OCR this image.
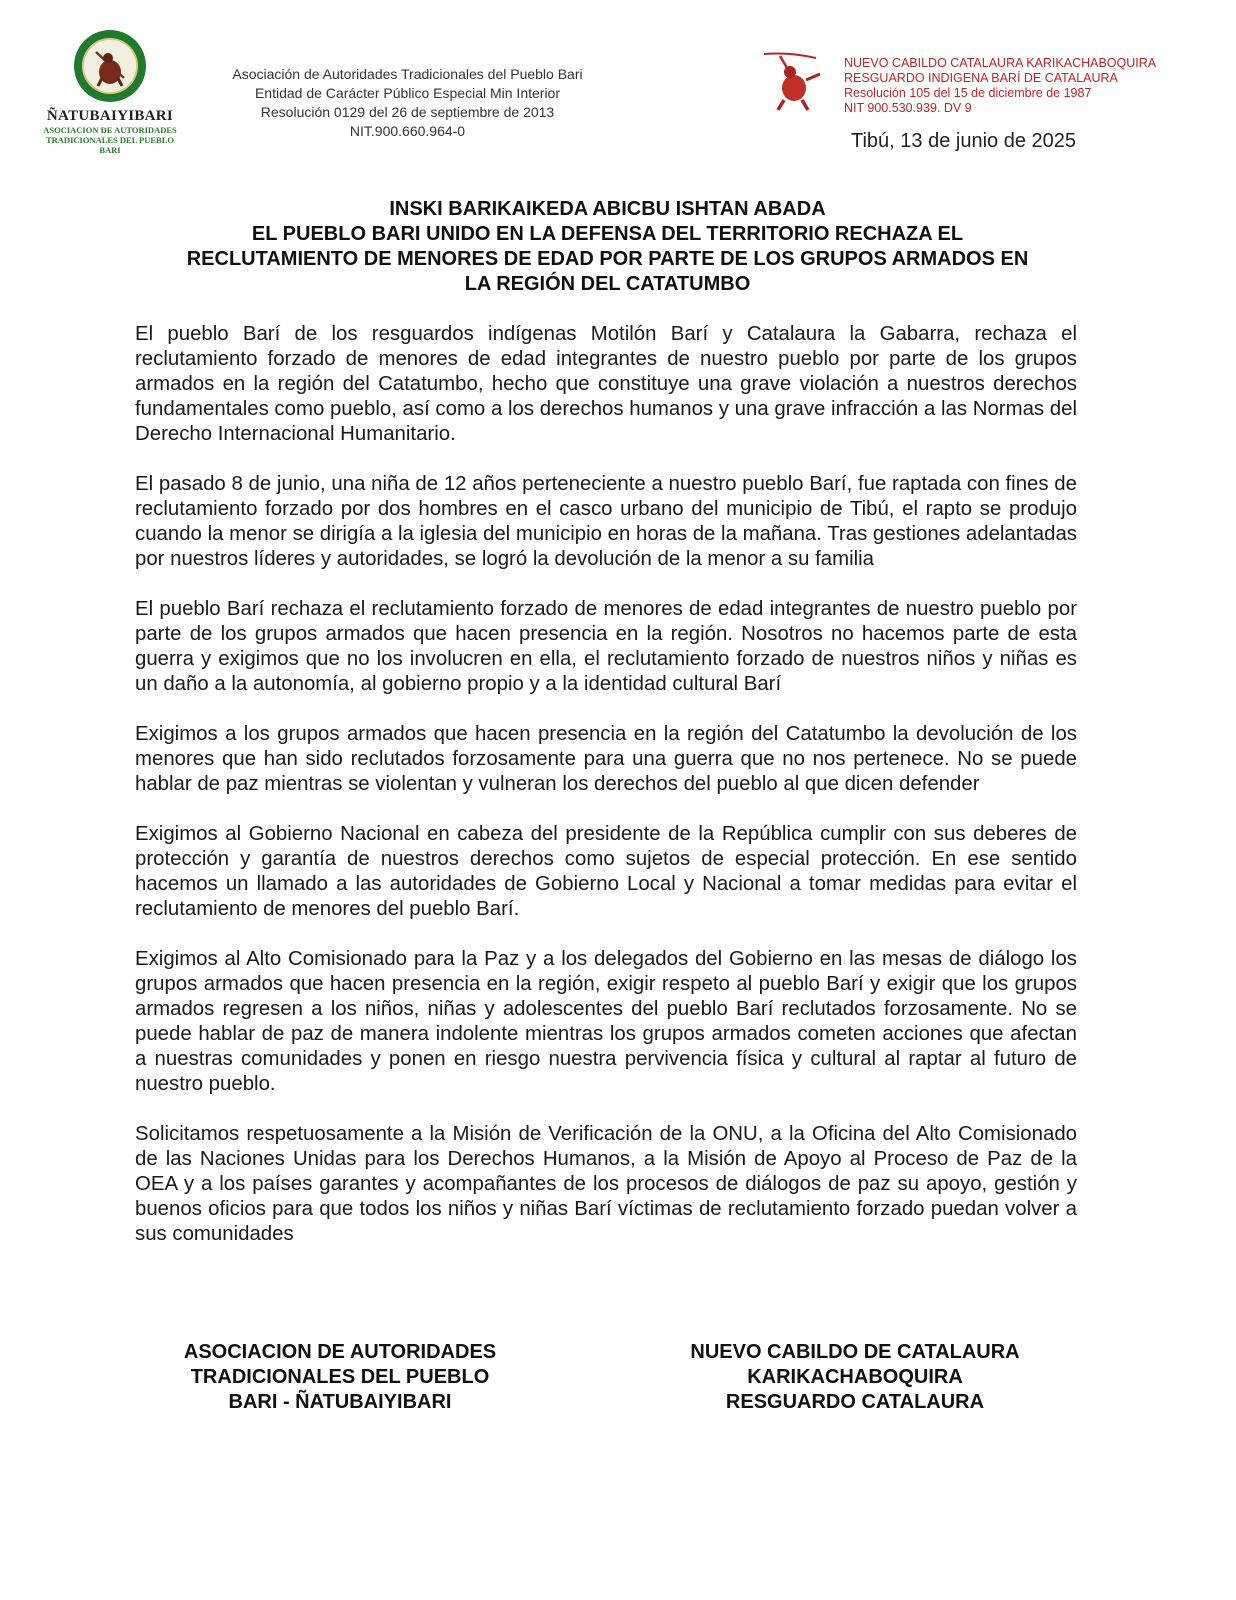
ÑATUBAIYIBARI
ASOCIACION DE AUTORIDADES
TRADICIONALES DEL PUEBLO BARI
Asociación de Autoridades Tradicionales del Pueblo Bari
Entidad de Carácter Público Especial Min Interior
Resolución 0129 del 26 de septiembre de 2013
NIT.900.660.964-0
NUEVO CABILDO CATALAURA KARIKACHABOQUIRA
RESGUARDO INDIGENA BARÍ DE CATALAURA
Resolución 105 del 15 de diciembre de 1987
NIT 900.530.939. DV 9
Tibú, 13 de junio de 2025
INSKI BARIKAIKEDA ABICBU ISHTAN ABADA
EL PUEBLO BARI UNIDO EN LA DEFENSA DEL TERRITORIO RECHAZA EL
RECLUTAMIENTO DE MENORES DE EDAD POR PARTE DE LOS GRUPOS ARMADOS EN
LA REGIÓN DEL CATATUMBO

El pueblo Barí de los resguardos indígenas Motilón Barí y Catalaura la Gabarra, rechaza el reclutamiento forzado de menores de edad integrantes de nuestro pueblo por parte de los grupos armados en la región del Catatumbo, hecho que constituye una grave violación a nuestros derechos fundamentales como pueblo, así como a los derechos humanos y una grave infracción a las Normas del Derecho Internacional Humanitario.

El pasado 8 de junio, una niña de 12 años perteneciente a nuestro pueblo Barí, fue raptada con fines de reclutamiento forzado por dos hombres en el casco urbano del municipio de Tibú, el rapto se produjo cuando la menor se dirigía a la iglesia del municipio en horas de la mañana. Tras gestiones adelantadas por nuestros líderes y autoridades, se logró la devolución de la menor a su familia

El pueblo Barí rechaza el reclutamiento forzado de menores de edad integrantes de nuestro pueblo por parte de los grupos armados que hacen presencia en la región. Nosotros no hacemos parte de esta guerra y exigimos que no los involucren en ella, el reclutamiento forzado de nuestros niños y niñas es un daño a la autonomía, al gobierno propio y a la identidad cultural Barí

Exigimos a los grupos armados que hacen presencia en la región del Catatumbo la devolución de los menores que han sido reclutados forzosamente para una guerra que no nos pertenece. No se puede hablar de paz mientras se violentan y vulneran los derechos del pueblo al que dicen defender

Exigimos al Gobierno Nacional en cabeza del presidente de la República cumplir con sus deberes de protección y garantía de nuestros derechos como sujetos de especial protección. En ese sentido hacemos un llamado a las autoridades de Gobierno Local y Nacional a tomar medidas para evitar el reclutamiento de menores del pueblo Barí.

Exigimos al Alto Comisionado para la Paz y a los delegados del Gobierno en las mesas de diálogo los grupos armados que hacen presencia en la región, exigir respeto al pueblo Barí y exigir que los grupos armados regresen a los niños, niñas y adolescentes del pueblo Barí reclutados forzosamente. No se puede hablar de paz de manera indolente mientras los grupos armados cometen acciones que afectan a nuestras comunidades y ponen en riesgo nuestra pervivencia física y cultural al raptar al futuro de nuestro pueblo.

Solicitamos respetuosamente a la Misión de Verificación de la ONU, a la Oficina del Alto Comisionado de las Naciones Unidas para los Derechos Humanos, a la Misión de Apoyo al Proceso de Paz de la OEA y a los países garantes y acompañantes de los procesos de diálogos de paz su apoyo, gestión y buenos oficios para que todos los niños y niñas Barí víctimas de reclutamiento forzado puedan volver a sus comunidades

ASOCIACION DE AUTORIDADES
TRADICIONALES DEL PUEBLO
BARI - ÑATUBAIYIBARI
NUEVO CABILDO DE CATALAURA
KARIKACHABOQUIRA
RESGUARDO CATALAURA
